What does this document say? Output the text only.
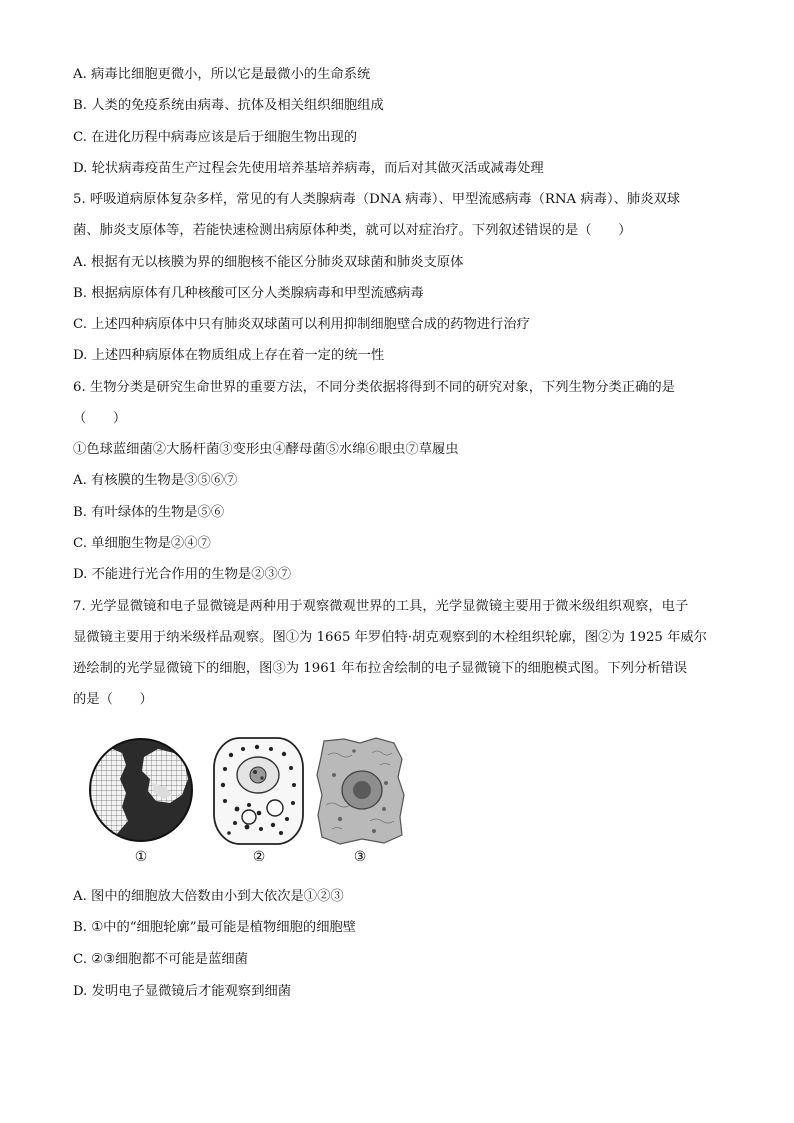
A. 病毒比细胞更微小，所以它是最微小的生命系统
B. 人类的免疫系统由病毒、抗体及相关组织细胞组成
C. 在进化历程中病毒应该是后于细胞生物出现的
D. 轮状病毒疫苗生产过程会先使用培养基培养病毒，而后对其做灭活或减毒处理
5. 呼吸道病原体复杂多样，常见的有人类腺病毒（DNA 病毒）、甲型流感病毒（RNA 病毒）、肺炎双球
菌、肺炎支原体等，若能快速检测出病原体种类，就可以对症治疗。下列叙述错误的是（　　）
A. 根据有无以核膜为界的细胞核不能区分肺炎双球菌和肺炎支原体
B. 根据病原体有几种核酸可区分人类腺病毒和甲型流感病毒
C. 上述四种病原体中只有肺炎双球菌可以利用抑制细胞壁合成的药物进行治疗
D. 上述四种病原体在物质组成上存在着一定的统一性
6. 生物分类是研究生命世界的重要方法，不同分类依据将得到不同的研究对象，下列生物分类正确的是
（　　）
①色球蓝细菌②大肠杆菌③变形虫④酵母菌⑤水绵⑥眼虫⑦草履虫
A. 有核膜的生物是③⑤⑥⑦
B. 有叶绿体的生物是⑤⑥
C. 单细胞生物是②④⑦
D. 不能进行光合作用的生物是②③⑦
7. 光学显微镜和电子显微镜是两种用于观察微观世界的工具，光学显微镜主要用于微米级组织观察，电子
显微镜主要用于纳米级样品观察。图①为 1665 年罗伯特·胡克观察到的木栓组织轮廓，图②为 1925 年威尔
逊绘制的光学显微镜下的细胞，图③为 1961 年布拉舍绘制的电子显微镜下的细胞模式图。下列分析错误
的是（　　）
①	②	③
A. 图中的细胞放大倍数由小到大依次是①②③
B. ①中的“细胞轮廓”最可能是植物细胞的细胞壁
C. ②③细胞都不可能是蓝细菌
D. 发明电子显微镜后才能观察到细菌
